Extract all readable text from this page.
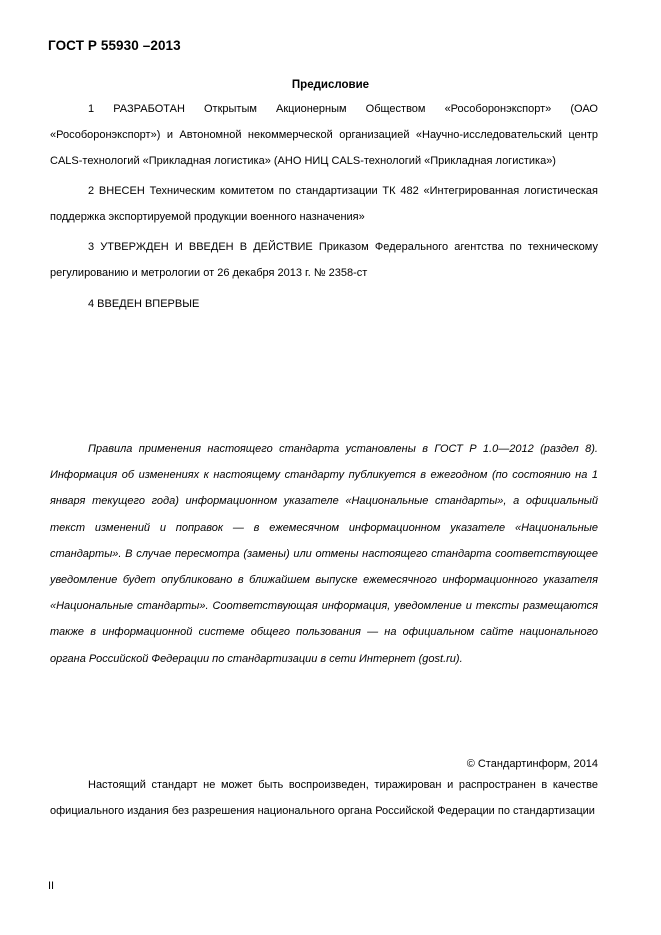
ГОСТ Р 55930 –2013
Предисловие

1 РАЗРАБОТАН Открытым Акционерным Обществом «Рособоронэкспорт» (ОАО «Рособоронэкспорт») и Автономной некоммерческой организацией «Научно-исследовательский центр CALS-технологий «Прикладная логистика» (АНО НИЦ CALS-технологий «Прикладная логистика»)

2 ВНЕСЕН Техническим комитетом по стандартизации ТК 482 «Интегрированная логистическая поддержка экспортируемой продукции военного назначения»

3 УТВЕРЖДЕН И ВВЕДЕН В ДЕЙСТВИЕ Приказом Федерального агентства по техническому регулированию и метрологии от 26 декабря 2013 г. № 2358-ст

4 ВВЕДЕН ВПЕРВЫЕ

Правила применения настоящего стандарта установлены в ГОСТ Р 1.0—2012 (раздел 8). Информация об изменениях к настоящему стандарту публикуется в ежегодном (по состоянию на 1 января текущего года) информационном указателе «Национальные стандарты», а официальный текст изменений и поправок — в ежемесячном информационном указателе «Национальные стандарты». В случае пересмотра (замены) или отмены настоящего стандарта соответствующее уведомление будет опубликовано в ближайшем выпуске ежемесячного информационного указателя «Национальные стандарты». Соответствующая информация, уведомление и тексты размещаются также в информационной системе общего пользования — на официальном сайте национального органа Российской Федерации по стандартизации в сети Интернет (gost.ru).

© Стандартинформ, 2014

Настоящий стандарт не может быть воспроизведен, тиражирован и распространен в качестве официального издания без разрешения национального органа Российской Федерации по стандартизации

II
